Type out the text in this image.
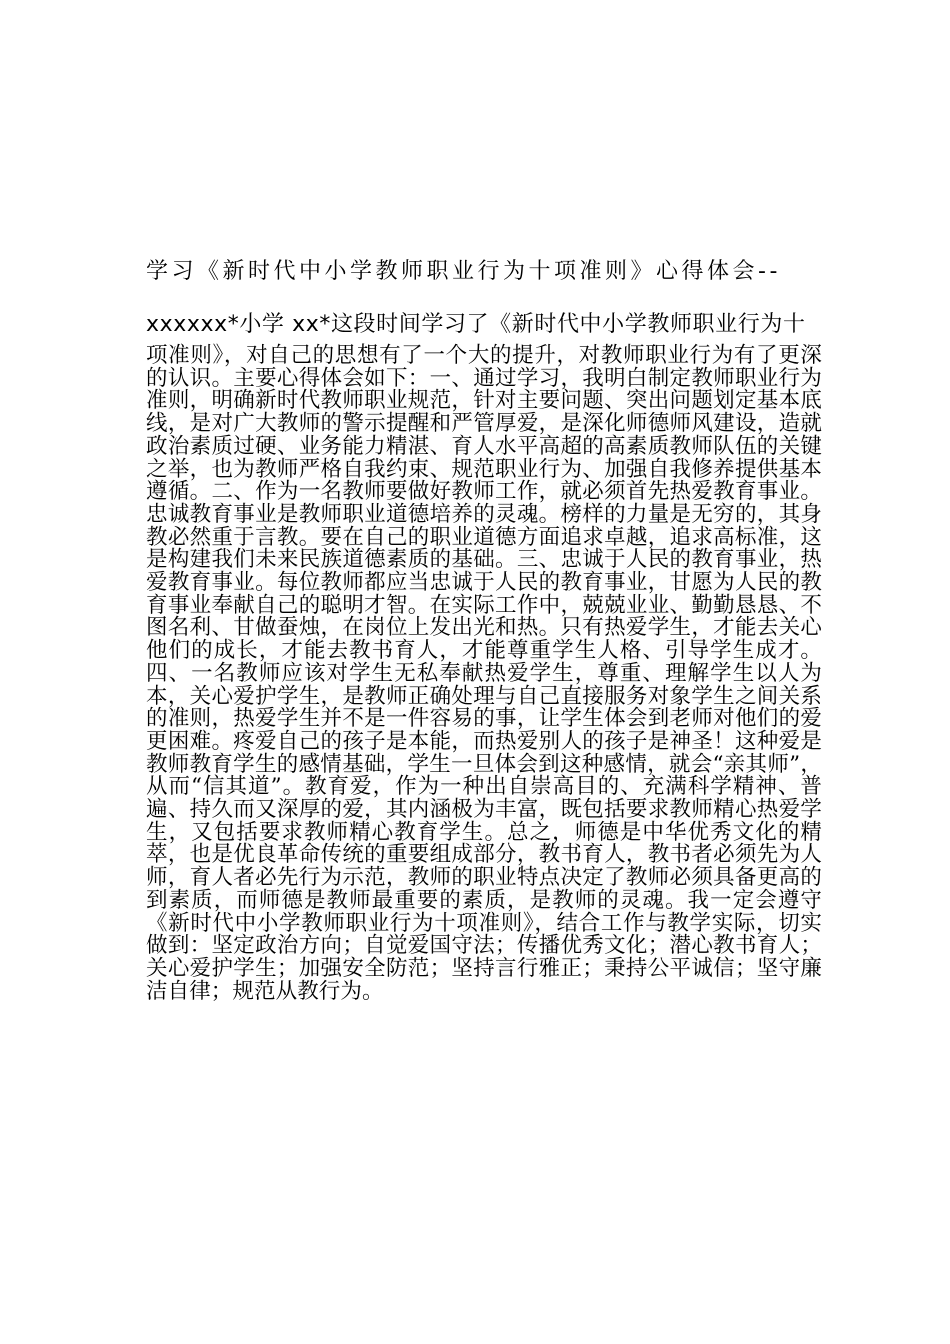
学习《新时代中小学教师职业行为十项准则》心得体会--
xxxxxx*小学 xx*这段时间学习了《新时代中小学教师职业行为十
项准则》，对自己的思想有了一个大的提升，对教师职业行为有了更深的认识。主要心得体会如下：一、通过学习，我明白制定教师职业行为准则，明确新时代教师职业规范，针对主要问题、突出问题划定基本底线，是对广大教师的警示提醒和严管厚爱，是深化师德师风建设，造就政治素质过硬、业务能力精湛、育人水平高超的高素质教师队伍的关键之举，也为教师严格自我约束、规范职业行为、加强自我修养提供基本遵循。二、作为一名教师要做好教师工作，就必须首先热爱教育事业。忠诚教育事业是教师职业道德培养的灵魂。榜样的力量是无穷的，其身教必然重于言教。要在自己的职业道德方面追求卓越，追求高标准，这是构建我们未来民族道德素质的基础。三、忠诚于人民的教育事业，热爱教育事业。每位教师都应当忠诚于人民的教育事业，甘愿为人民的教育事业奉献自己的聪明才智。在实际工作中，兢兢业业、勤勤恳恳、不图名利、甘做蚕烛，在岗位上发出光和热。只有热爱学生，才能去关心他们的成长，才能去教书育人，才能尊重学生人格、引导学生成才。四、一名教师应该对学生无私奉献热爱学生，尊重、理解学生以人为本，关心爱护学生，是教师正确处理与自己直接服务对象学生之间关系的准则，热爱学生并不是一件容易的事，让学生体会到老师对他们的爱更困难。疼爱自己的孩子是本能，而热爱别人的孩子是神圣！这种爱是教师教育学生的感情基础，学生一旦体会到这种感情，就会“亲其师”，从而“信其道”。教育爱，作为一种出自崇高目的、充满科学精神、普遍、持久而又深厚的爱，其内涵极为丰富，既包括要求教师精心热爱学生，又包括要求教师精心教育学生。总之，师德是中华优秀文化的精萃，也是优良革命传统的重要组成部分，教书育人，教书者必须先为人师，育人者必先行为示范，教师的职业特点决定了教师必须具备更高的到素质，而师德是教师最重要的素质，是教师的灵魂。我一定会遵守《新时代中小学教师职业行为十项准则》，结合工作与教学实际，切实做到：坚定政治方向；自觉爱国守法；传播优秀文化；潜心教书育人；关心爱护学生；加强安全防范；坚持言行雅正；秉持公平诚信；坚守廉洁自律；规范从教行为。
